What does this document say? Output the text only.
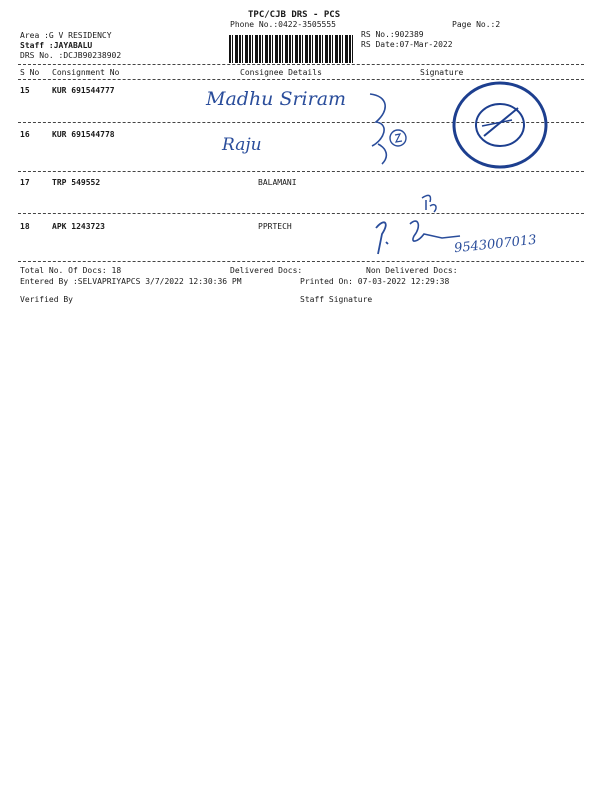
TPC/CJB DRS - PCS
Phone No.:0422-3505555	Page No.:2
Area :G V RESIDENCY
Staff :JAYABALU
DRS No. :DCJB90238902
RS No.:902389
RS Date:07-Mar-2022
S No Consignment No	Consignee Details	Signature
15	KUR 691544777
16	KUR 691544778
17	TRP 549552	BALAMANI
18	APK 1243723	PPRTECH
Madhu Sriram
Raju
9543007013
Total No. Of Docs: 18	Delivered Docs:	Non Delivered Docs:
Entered By :SELVAPRIYAPCS 3/7/2022 12:30:36 PM	Printed On: 07-03-2022 12:29:38
Verified By	Staff Signature
